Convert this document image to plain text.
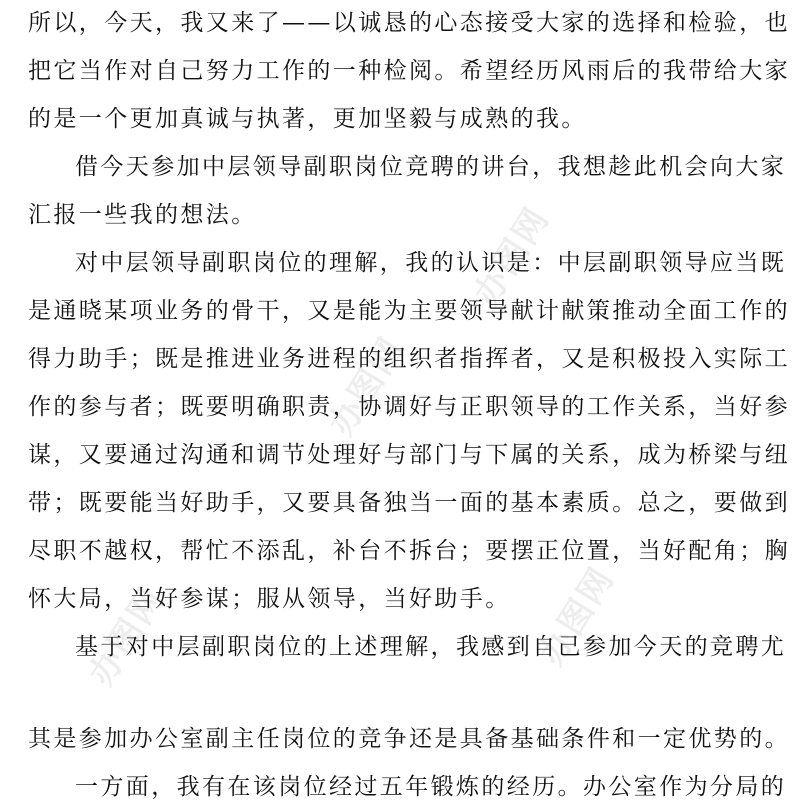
办图网
办图网
办图网
办图网
所以，今天，我又来了——以诚恳的心态接受大家的选择和检验，也
把它当作对自己努力工作的一种检阅。希望经历风雨后的我带给大家
的是一个更加真诚与执著，更加坚毅与成熟的我。
借今天参加中层领导副职岗位竞聘的讲台，我想趁此机会向大家
汇报一些我的想法。
对中层领导副职岗位的理解，我的认识是：中层副职领导应当既
是通晓某项业务的骨干，又是能为主要领导献计献策推动全面工作的
得力助手；既是推进业务进程的组织者指挥者，又是积极投入实际工
作的参与者；既要明确职责，协调好与正职领导的工作关系，当好参
谋，又要通过沟通和调节处理好与部门与下属的关系，成为桥梁与纽
带；既要能当好助手，又要具备独当一面的基本素质。总之，要做到
尽职不越权，帮忙不添乱，补台不拆台；要摆正位置，当好配角；胸
怀大局，当好参谋；服从领导，当好助手。
基于对中层副职岗位的上述理解，我感到自己参加今天的竞聘尤
其是参加办公室副主任岗位的竞争还是具备基础条件和一定优势的。
一方面，我有在该岗位经过五年锻炼的经历。办公室作为分局的
